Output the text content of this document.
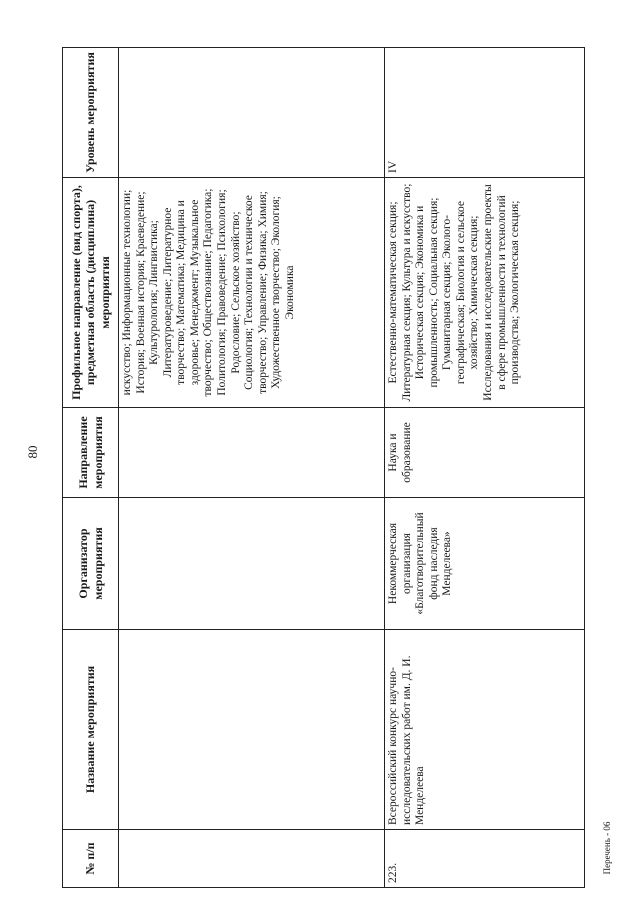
80
№ п/п	Название мероприятия	Организатор мероприятия	Направление мероприятия	Профильное направление (вид спорта), предметная область (дисциплина) мероприятия	Уровень мероприятия
				искусство; Информационные технологии; История; Военная история; Краеведение; Культурология; Лингвистика; Литературоведение; Литературное творчество; Математика; Медицина и здоровье; Менеджмент; Музыкальное творчество; Обществознание; Педагогика; Политология; Правоведение; Психология; Родословие; Сельское хозяйство; Социология; Технологии и техническое творчество; Управление; Физика; Химия; Художественное творчество; Экология; Экономика	
223.	Всероссийский конкурс научно-исследовательских работ им. Д. И. Менделеева	Некоммерческая организация «Благотворительный фонд наследия Менделеева»	Наука и образование	Естественно-математическая секция; Литературная секция; Культура и искусство; Историческая секция; Экономика и промышленность; Социальная секция; Гуманитарная секция; Эколого-географическая; Биология и сельское хозяйство; Химическая секция; Исследования и исследовательские проекты в сфере промышленности и технологий производства; Экологическая секция;	IV
Перечень - 06
